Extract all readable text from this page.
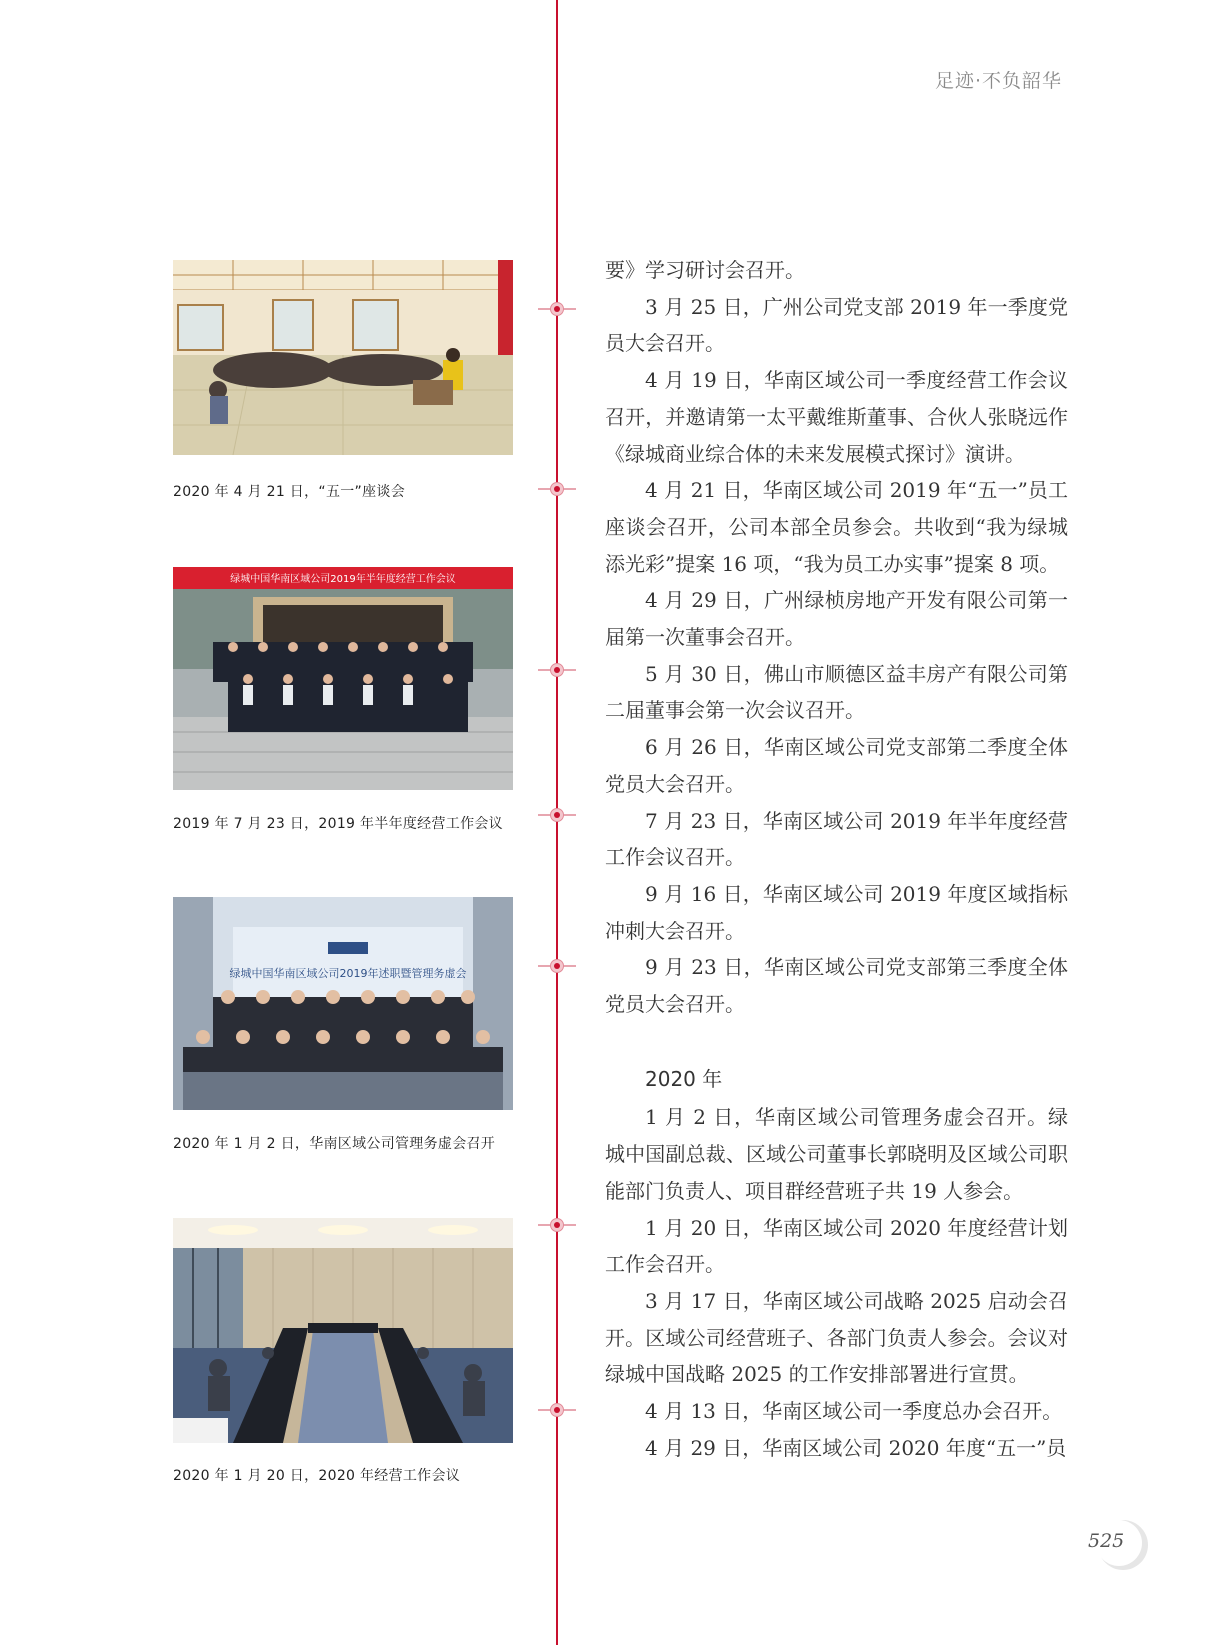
足迹·不负韶华
2020 年 4 月 21 日，“五一”座谈会
绿城中国华南区域公司2019年半年度经营工作会议
2019 年 7 月 23 日，2019 年半年度经营工作会议
绿城中国华南区域公司2019年述职暨管理务虚会
2020 年 1 月 2 日，华南区域公司管理务虚会召开
2020 年 1 月 20 日，2020 年经营工作会议

要》学习研讨会召开。

3 月 25 日，广州公司党支部 2019 年一季度党员大会召开。

4 月 19 日，华南区域公司一季度经营工作会议召开，并邀请第一太平戴维斯董事、合伙人张晓远作《绿城商业综合体的未来发展模式探讨》演讲。

4 月 21 日，华南区域公司 2019 年“五一”员工座谈会召开，公司本部全员参会。共收到“我为绿城添光彩”提案 16 项，“我为员工办实事”提案 8 项。

4 月 29 日，广州绿桢房地产开发有限公司第一届第一次董事会召开。

5 月 30 日，佛山市顺德区益丰房产有限公司第二届董事会第一次会议召开。

6 月 26 日，华南区域公司党支部第二季度全体党员大会召开。

7 月 23 日，华南区域公司 2019 年半年度经营工作会议召开。

9 月 16 日，华南区域公司 2019 年度区域指标冲刺大会召开。

9 月 23 日，华南区域公司党支部第三季度全体党员大会召开。

2020 年

1 月 2 日，华南区域公司管理务虚会召开。绿城中国副总裁、区域公司董事长郭晓明及区域公司职能部门负责人、项目群经营班子共 19 人参会。

1 月 20 日，华南区域公司 2020 年度经营计划工作会召开。

3 月 17 日，华南区域公司战略 2025 启动会召开。区域公司经营班子、各部门负责人参会。会议对绿城中国战略 2025 的工作安排部署进行宣贯。

4 月 13 日，华南区域公司一季度总办会召开。

4 月 29 日，华南区域公司 2020 年度“五一”员

525
